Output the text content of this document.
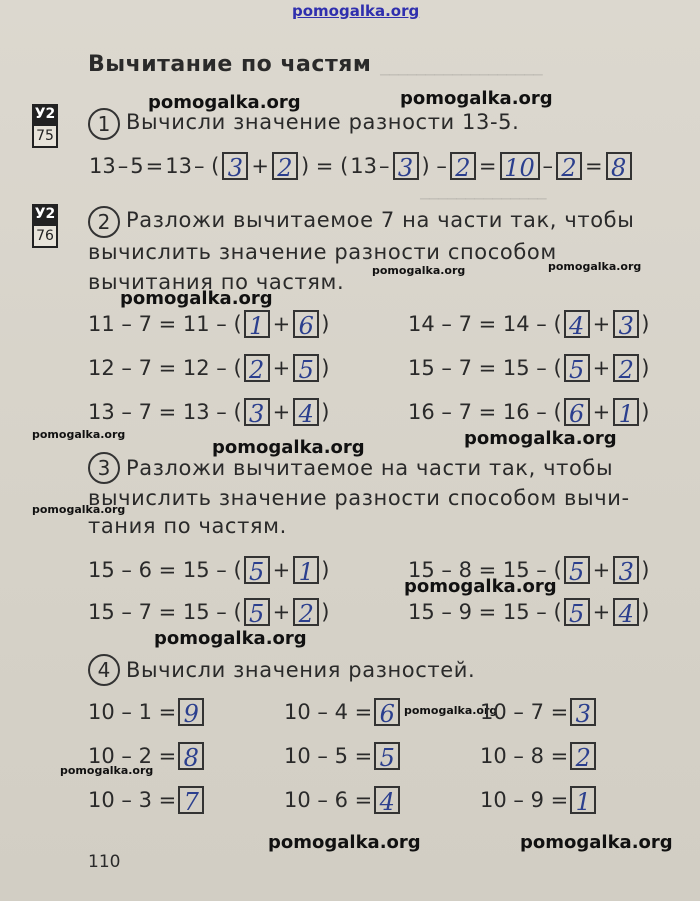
──────────────────
──────────────
pomogalka.org
Вычитание по частям
У2
75
У2
76
pomogalka.org	pomogalka.org
pomogalka.org	pomogalka.org
pomogalka.org
pomogalka.org
pomogalka.org	pomogalka.org
pomogalka.org
pomogalka.org
pomogalka.org
pomogalka.org
pomogalka.org
pomogalka.org	pomogalka.org
1 Вычисли значение разности 13-5.
13 – 5 = 13 – ( 3 + 2 ) = ( 13 – 3 ) – 2 = 10 – 2 = 8
2 Разложи вычитаемое 7 на части так, чтобы
вычислить значение разности способом
вычитания по частям.
11 – 7 = 11 – ( 1 + 6 )	14 – 7 = 14 – ( 4 + 3 )
12 – 7 = 12 – ( 2 + 5 )	15 – 7 = 15 – ( 5 + 2 )
13 – 7 = 13 – ( 3 + 4 )	16 – 7 = 16 – ( 6 + 1 )
3 Разложи вычитаемое на части так, чтобы
вычислить значение разности способом вычи-
тания по частям.
15 – 6 = 15 – ( 5 + 1 )	15 – 8 = 15 – ( 5 + 3 )
15 – 7 = 15 – ( 5 + 2 )	15 – 9 = 15 – ( 5 + 4 )
4 Вычисли значения разностей.
10 – 1 = 9	10 – 4 = 6	10 – 7 = 3
10 – 2 = 8	10 – 5 = 5	10 – 8 = 2
10 – 3 = 7	10 – 6 = 4	10 – 9 = 1
110
